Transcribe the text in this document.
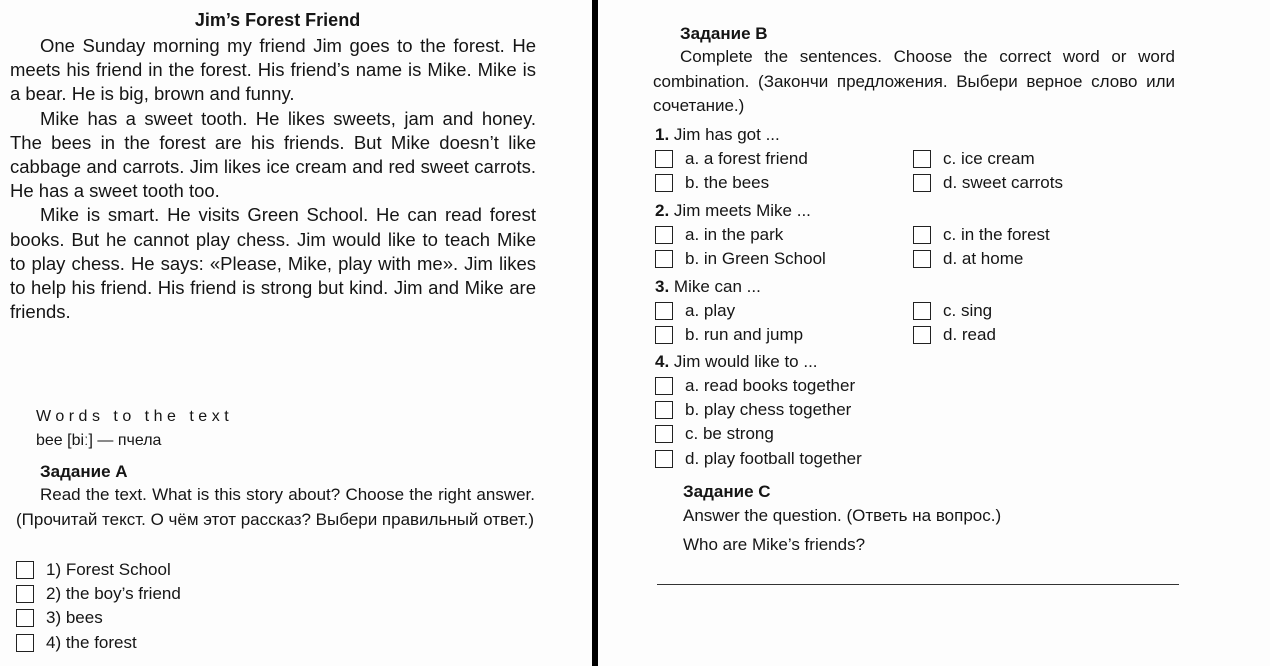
Jim’s Forest Friend

One Sunday morning my friend Jim goes to the forest. He meets his friend in the forest. His friend’s name is Mike. Mike is a bear. He is big, brown and funny.

Mike has a sweet tooth. He likes sweets, jam and honey. The bees in the forest are his friends. But Mike doesn’t like cabbage and carrots. Jim likes ice cream and red sweet carrots. He has a sweet tooth too.

Mike is smart. He visits Green School. He can read forest books. But he cannot play chess. Jim would like to teach Mike to play chess. He says: «Please, Mike, play with me». Jim likes to help his friend. His friend is strong but kind. Jim and Mike are friends.

Words to the text
bee [biː] — пчела
Задание А
Read the text. What is this story about? Choose the right answer. (Прочитай текст. О чём этот рассказ? Выбери правильный ответ.)
1) Forest School
2) the boy’s friend
3) bees
4) the forest
Задание В
Complete the sentences. Choose the correct word or word combination. (Закончи предложения. Выбери верное слово или сочетание.)
1. Jim has got ...
a. a forest friend	c. ice cream
b. the bees	d. sweet carrots
2. Jim meets Mike ...
a. in the park	c. in the forest
b. in Green School	d. at home
3. Mike can ...
a. play	c. sing
b. run and jump	d. read
4. Jim would like to ...
a. read books together
b. play chess together
c. be strong
d. play football together
Задание С
Answer the question. (Ответь на вопрос.)
Who are Mike’s friends?
